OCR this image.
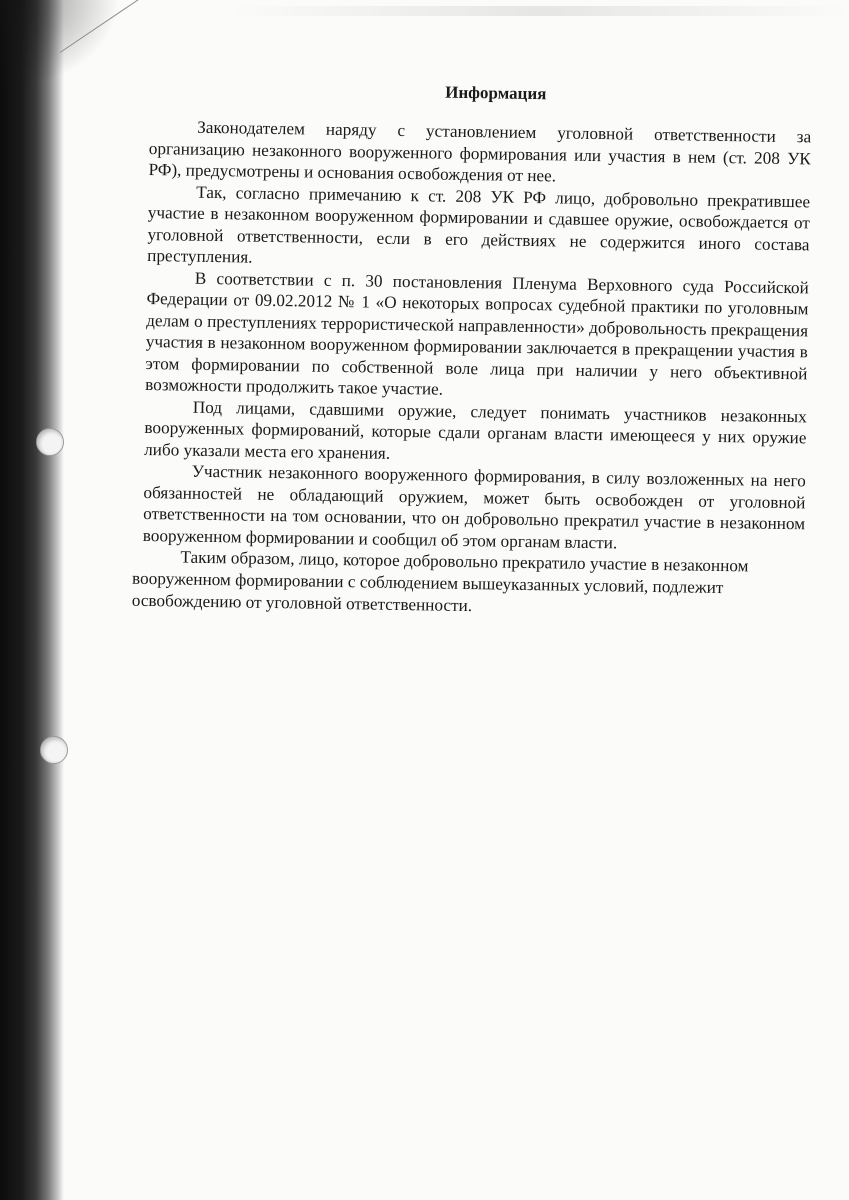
Информация

Законодателем наряду с установлением уголовной ответственности за организацию незаконного вооруженного формирования или участия в нем (ст. 208 УК РФ), предусмотрены и основания освобождения от нее.

Так, согласно примечанию к ст. 208 УК РФ лицо, добровольно прекратившее участие в незаконном вооруженном формировании и сдавшее оружие, освобождается от уголовной ответственности, если в его действиях не содержится иного состава преступления.

В соответствии с п. 30 постановления Пленума Верховного суда Российской Федерации от 09.02.2012 № 1 «О некоторых вопросах судебной практики по уголовным делам о преступлениях террористической направленности» добровольность прекращения участия в незаконном вооруженном формировании заключается в прекращении участия в этом формировании по собственной воле лица при наличии у него объективной возможности продолжить такое участие.

Под лицами, сдавшими оружие, следует понимать участников незаконных вооруженных формирований, которые сдали органам власти имеющееся у них оружие либо указали места его хранения.

Участник незаконного вооруженного формирования, в силу возложенных на него обязанностей не обладающий оружием, может быть освобожден от уголовной ответственности на том основании, что он добровольно прекратил участие в незаконном вооруженном формировании и сообщил об этом органам власти.

Таким образом, лицо, которое добровольно прекратило участие в незаконном вооруженном формировании с соблюдением вышеуказанных условий, подлежит освобождению от уголовной ответственности.
